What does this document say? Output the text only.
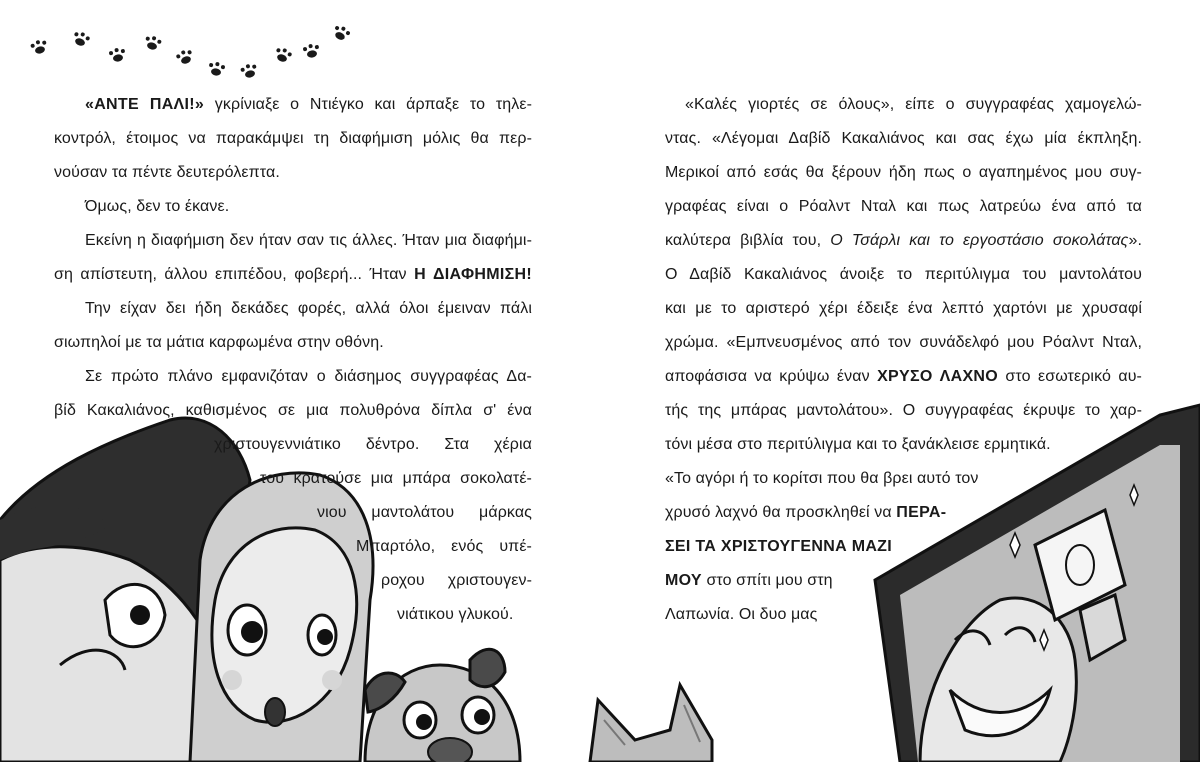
«ΑΝΤΕ ΠΑΛΙ!» γκρίνιαξε ο Ντιέγκο και άρπαξε το τηλε-
κοντρόλ, έτοιμος να παρακάμψει τη διαφήμιση μόλις θα περ-
νούσαν τα πέντε δευτερόλεπτα.
Όμως, δεν το έκανε.
Εκείνη η διαφήμιση δεν ήταν σαν τις άλλες. Ήταν μια διαφήμι-
ση απίστευτη, άλλου επιπέδου, φοβερή... Ήταν Η ΔΙΑΦΗΜΙΣΗ!
Την είχαν δει ήδη δεκάδες φορές, αλλά όλοι έμειναν πάλι
σιωπηλοί με τα μάτια καρφωμένα στην οθόνη.
Σε πρώτο πλάνο εμφανιζόταν ο διάσημος συγγραφέας Δα-
βίδ Κακαλιάνος, καθισμένος σε μια πολυθρόνα δίπλα σ' ένα
χριστουγεννιάτικο δέντρο. Στα χέρια
του κρατούσε μια μπάρα σοκολατέ-
νιου μαντολάτου μάρκας
Μπαρτόλο, ενός υπέ-
ροχου χριστουγεν-
νιάτικου γλυκού.
«Καλές γιορτές σε όλους», είπε ο συγγραφέας χαμογελώ-
ντας. «Λέγομαι Δαβίδ Κακαλιάνος και σας έχω μία έκπληξη.
Μερικοί από εσάς θα ξέρουν ήδη πως ο αγαπημένος μου συγ-
γραφέας είναι ο Ρόαλντ Νταλ και πως λατρεύω ένα από τα
καλύτερα βιβλία του, Ο Τσάρλι και το εργοστάσιο σοκολάτας».
Ο Δαβίδ Κακαλιάνος άνοιξε το περιτύλιγμα του μαντολάτου
και με το αριστερό χέρι έδειξε ένα λεπτό χαρτόνι με χρυσαφί
χρώμα. «Εμπνευσμένος από τον συνάδελφό μου Ρόαλντ Νταλ,
αποφάσισα να κρύψω έναν ΧΡΥΣΟ ΛΑΧΝΟ στο εσωτερικό αυ-
τής της μπάρας μαντολάτου». Ο συγγραφέας έκρυψε το χαρ-
τόνι μέσα στο περιτύλιγμα και το ξανάκλεισε ερμητικά.
«Το αγόρι ή το κορίτσι που θα βρει αυτό τον
χρυσό λαχνό θα προσκληθεί να ΠΕΡΑ-
ΣΕΙ ΤΑ ΧΡΙΣΤΟΥΓΕΝΝΑ ΜΑΖΙ
ΜΟΥ στο σπίτι μου στη
Λαπωνία. Οι δυο μας
